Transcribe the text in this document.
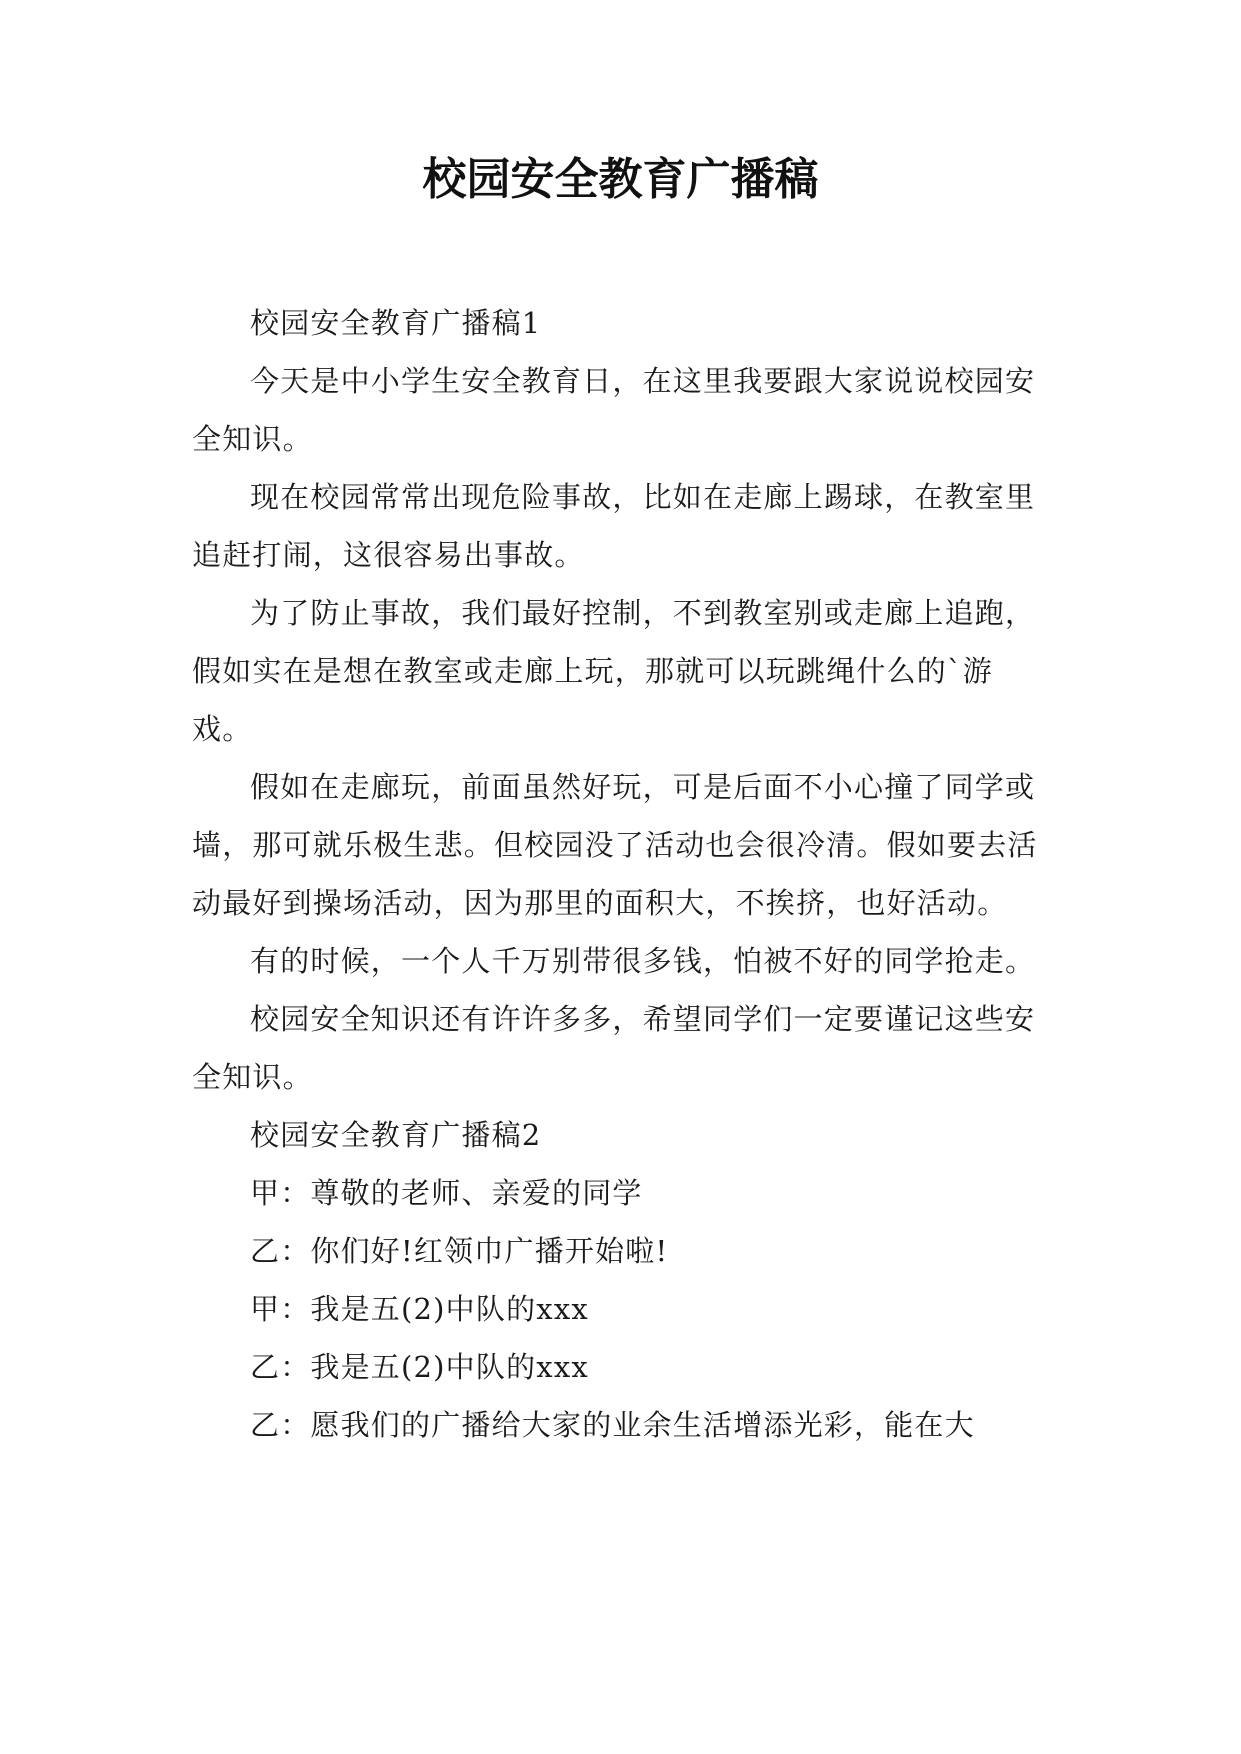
校园安全教育广播稿

校园安全教育广播稿1

今天是中小学生安全教育日，在这里我要跟大家说说校园安全知识。

现在校园常常出现危险事故，比如在走廊上踢球，在教室里追赶打闹，这很容易出事故。

为了防止事故，我们最好控制，不到教室别或走廊上追跑，假如实在是想在教室或走廊上玩，那就可以玩跳绳什么的`游戏。

假如在走廊玩，前面虽然好玩，可是后面不小心撞了同学或墙，那可就乐极生悲。但校园没了活动也会很冷清。假如要去活动最好到操场活动，因为那里的面积大，不挨挤，也好活动。

有的时候，一个人千万别带很多钱，怕被不好的同学抢走。

校园安全知识还有许许多多，希望同学们一定要谨记这些安全知识。

校园安全教育广播稿2

甲：尊敬的老师、亲爱的同学

乙：你们好!红领巾广播开始啦!

甲：我是五(2)中队的xxx

乙：我是五(2)中队的xxx

乙：愿我们的广播给大家的业余生活增添光彩，能在大
